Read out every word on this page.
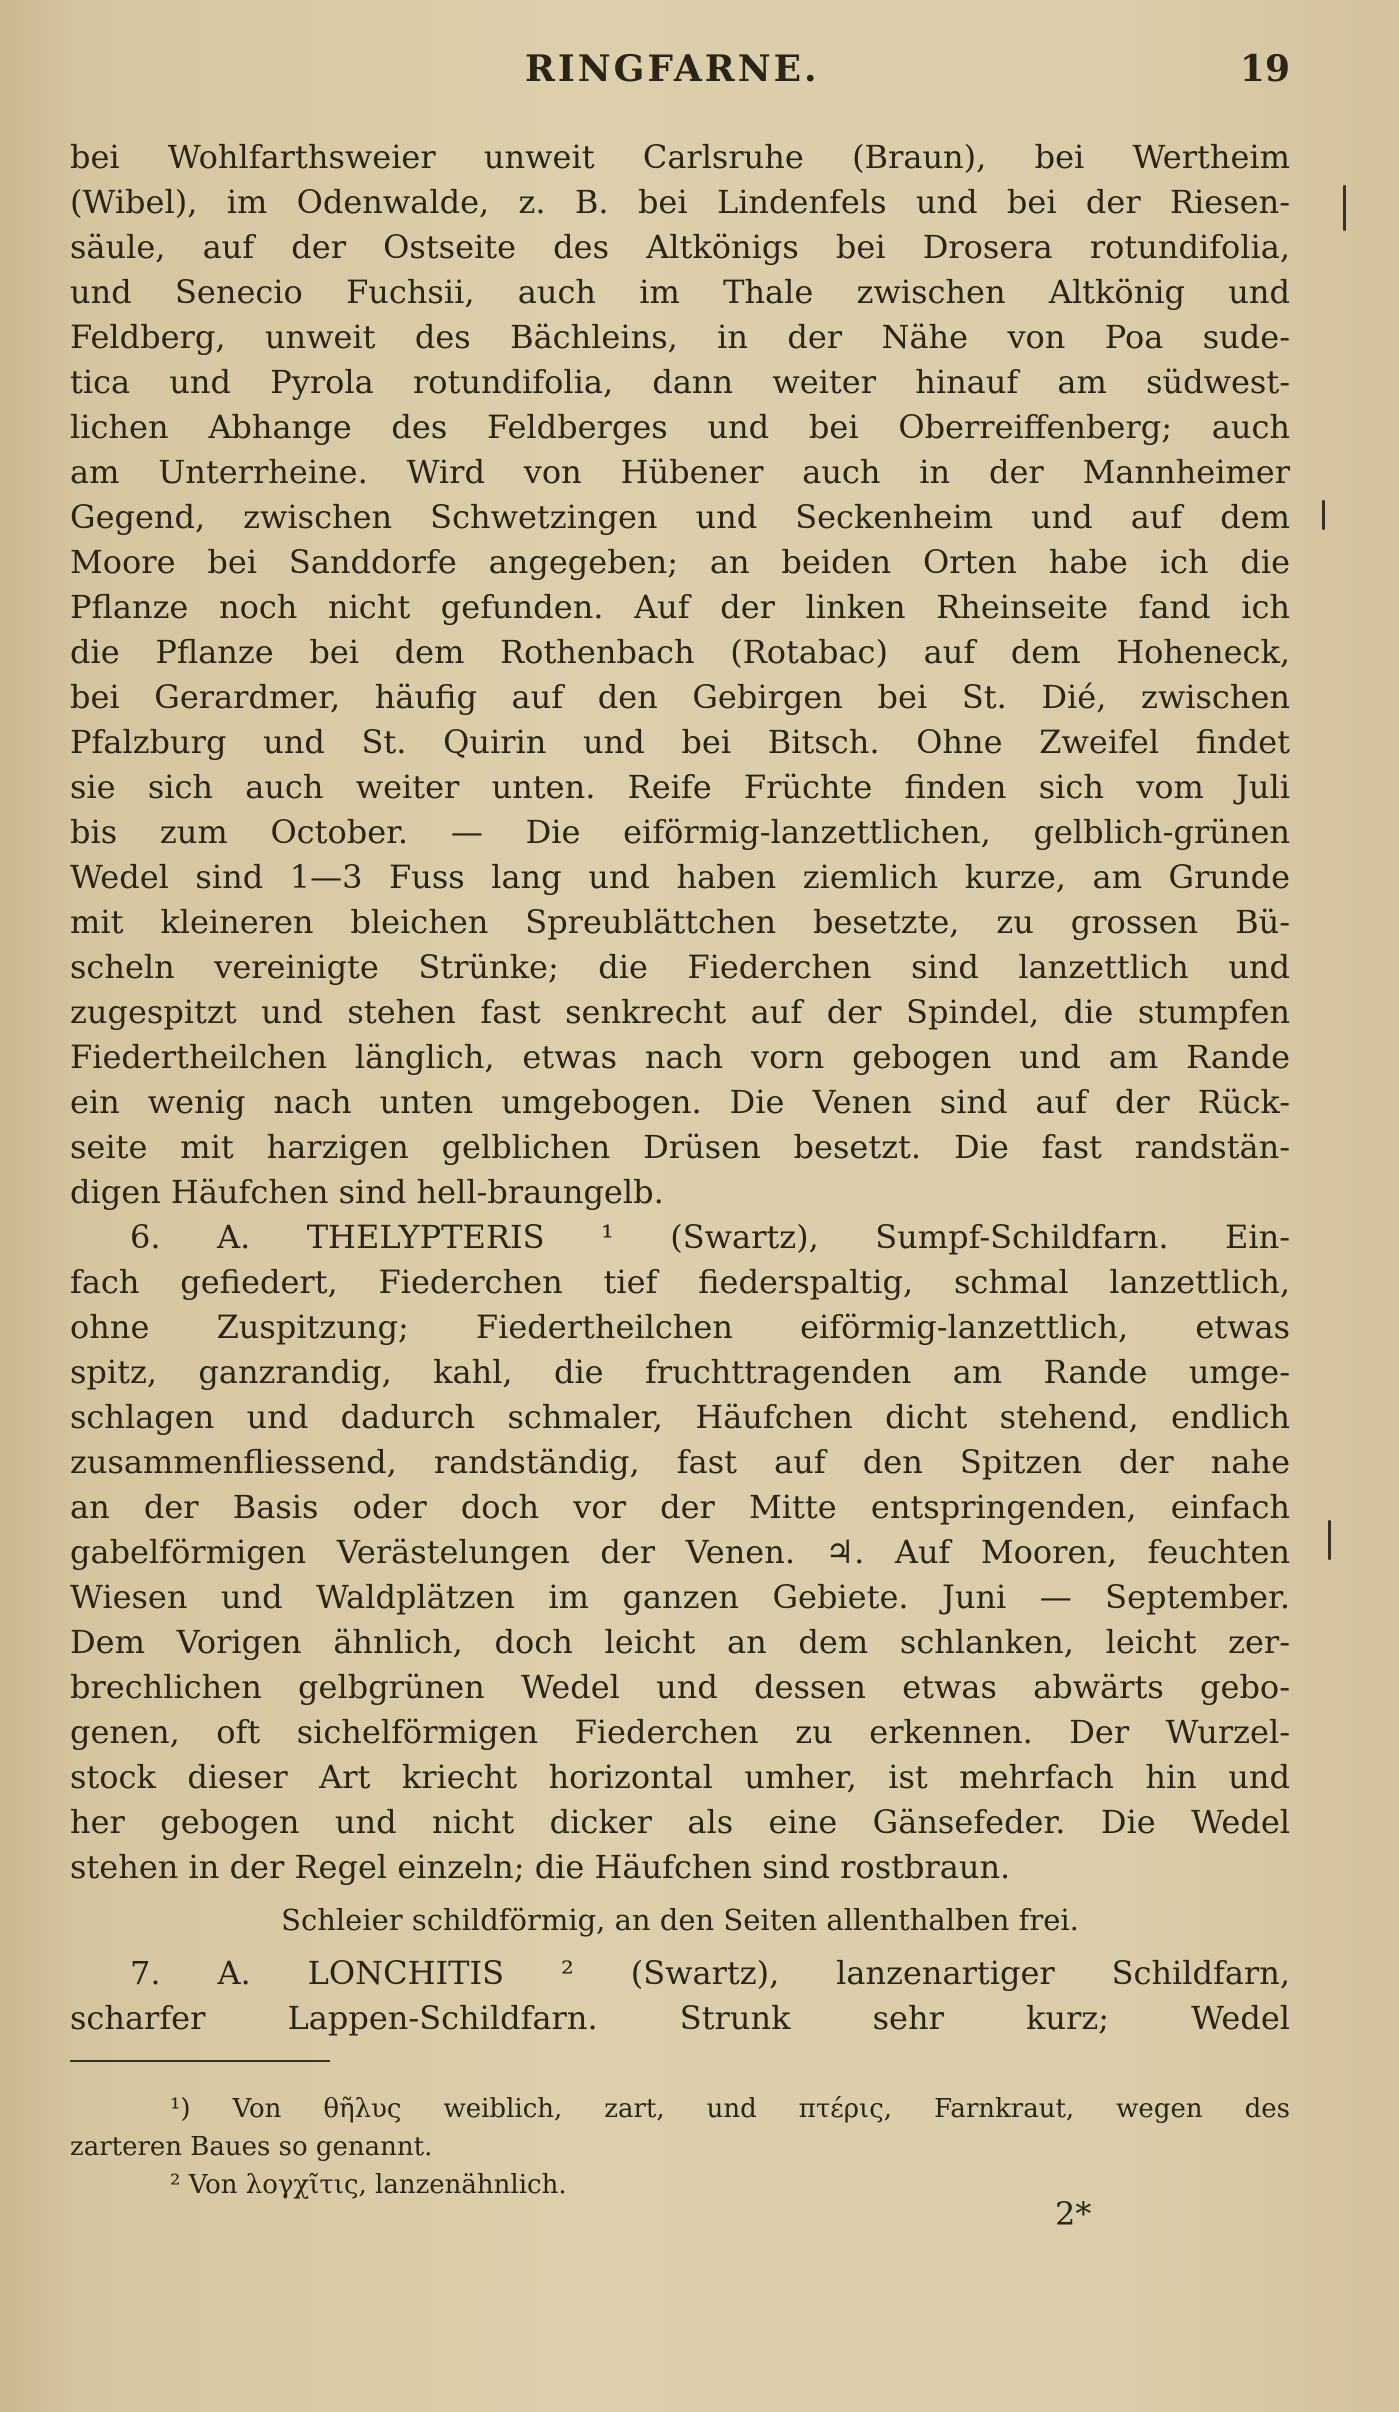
RINGFARNE.	19
bei Wohlfarthsweier unweit Carlsruhe (Braun), bei Wertheim
(Wibel), im Odenwalde, z. B. bei Lindenfels und bei der Riesen-
säule, auf der Ostseite des Altkönigs bei Drosera rotundifolia,
und Senecio Fuchsii, auch im Thale zwischen Altkönig und
Feldberg, unweit des Bächleins, in der Nähe von Poa sude-
tica und Pyrola rotundifolia, dann weiter hinauf am südwest-
lichen Abhange des Feldberges und bei Oberreiffenberg; auch
am Unterrheine. Wird von Hübener auch in der Mannheimer
Gegend, zwischen Schwetzingen und Seckenheim und auf dem
Moore bei Sanddorfe angegeben; an beiden Orten habe ich die
Pflanze noch nicht gefunden. Auf der linken Rheinseite fand ich
die Pflanze bei dem Rothenbach (Rotabac) auf dem Hoheneck,
bei Gerardmer, häufig auf den Gebirgen bei St. Dié, zwischen
Pfalzburg und St. Quirin und bei Bitsch. Ohne Zweifel findet
sie sich auch weiter unten. Reife Früchte finden sich vom Juli
bis zum October. — Die eiförmig-lanzettlichen, gelblich-grünen
Wedel sind 1—3 Fuss lang und haben ziemlich kurze, am Grunde
mit kleineren bleichen Spreublättchen besetzte, zu grossen Bü-
scheln vereinigte Strünke; die Fiederchen sind lanzettlich und
zugespitzt und stehen fast senkrecht auf der Spindel, die stumpfen
Fiedertheilchen länglich, etwas nach vorn gebogen und am Rande
ein wenig nach unten umgebogen. Die Venen sind auf der Rück-
seite mit harzigen gelblichen Drüsen besetzt. Die fast randstän-
digen Häufchen sind hell-braungelb.
6. A. THELYPTERIS ¹ (Swartz), Sumpf-Schildfarn. Ein-
fach gefiedert, Fiederchen tief fiederspaltig, schmal lanzettlich,
ohne Zuspitzung; Fiedertheilchen eiförmig-lanzettlich, etwas
spitz, ganzrandig, kahl, die fruchttragenden am Rande umge-
schlagen und dadurch schmaler, Häufchen dicht stehend, endlich
zusammenfliessend, randständig, fast auf den Spitzen der nahe
an der Basis oder doch vor der Mitte entspringenden, einfach
gabelförmigen Verästelungen der Venen. ♃. Auf Mooren, feuchten
Wiesen und Waldplätzen im ganzen Gebiete. Juni — September.
Dem Vorigen ähnlich, doch leicht an dem schlanken, leicht zer-
brechlichen gelbgrünen Wedel und dessen etwas abwärts gebo-
genen, oft sichelförmigen Fiederchen zu erkennen. Der Wurzel-
stock dieser Art kriecht horizontal umher, ist mehrfach hin und
her gebogen und nicht dicker als eine Gänsefeder. Die Wedel
stehen in der Regel einzeln; die Häufchen sind rostbraun.
Schleier schildförmig, an den Seiten allenthalben frei.
7. A. LONCHITIS ² (Swartz), lanzenartiger Schildfarn,
scharfer Lappen-Schildfarn. Strunk sehr kurz; Wedel
¹) Von θῆλυς weiblich, zart, und πτέρις, Farnkraut, wegen des
zarteren Baues so genannt.
² Von λογχῖτις, lanzenähnlich.
2*
